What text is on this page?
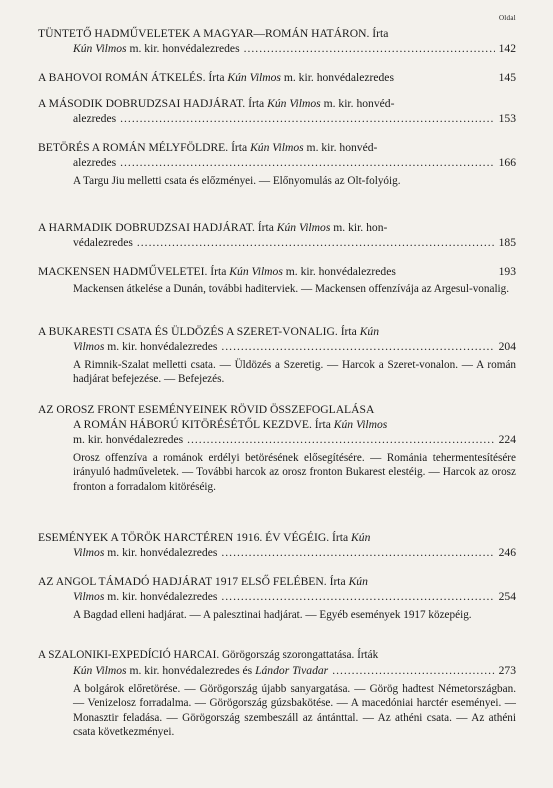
Oldal
TÜNTETŐ HADMŰVELETEK A MAGYAR—ROMÁN HATÁRON. Írta
Kún Vilmos
m. kir. honvédalezredes .....	142
A BAHOVOI ROMÁN ÁTKELÉS.
Írta
Kún Vilmos
m. kir. honvédalezredes	145
A MÁSODIK DOBRUDZSAI HADJÁRAT. Írta Kún Vilmos m. kir. honvéd-
alezredes .....	153
BETÖRÉS A ROMÁN MÉLYFÖLDRE. Írta Kún Vilmos m. kir. honvéd-
alezredes .....	166
A Targu Jiu melletti csata és előzményei. — Előnyomulás az Olt-folyóig.
A HARMADIK DOBRUDZSAI HADJÁRAT. Írta Kún Vilmos m. kir. hon-
védalezredes .....	185
MACKENSEN HADMŰVELETEI.
Írta
Kún Vilmos
m. kir. honvédalezredes	193
Mackensen átkelése a Dunán, további haditerviek. — Mackensen offenzívája az Argesul-vonalig.
A BUKARESTI CSATA ÉS ÜLDÖZÉS A SZERET-VONALIG. Írta Kún
Vilmos
m. kir. honvédalezredes .....	204
A Rimnik-Szalat melletti csata. — Üldözés a Szeretig. — Harcok a Szeret-vonalon. — A román hadjárat befejezése. — Befejezés.
AZ OROSZ FRONT ESEMÉNYEINEK RÖVID ÖSSZEFOGLALÁSA
A ROMÁN HÁBORÚ KITÖRÉSÉTŐL KEZDVE. Írta Kún Vilmos
m. kir. honvédalezredes .....	224
Orosz offenzíva a románok erdélyi betörésének elősegítésére. — Románia tehermentesítésére irányuló hadműveletek. — További harcok az orosz fronton Bukarest elestéig. — Harcok az orosz fronton a forradalom kitöréséig.
ESEMÉNYEK A TÖRÖK HARCTÉREN 1916. ÉV VÉGÉIG. Írta Kún
Vilmos
m. kir. honvédalezredes .....	246
AZ ANGOL TÁMADÓ HADJÁRAT 1917 ELSŐ FELÉBEN. Írta Kún
Vilmos
m. kir. honvédalezredes .....	254
A Bagdad elleni hadjárat. — A palesztinai hadjárat. — Egyéb események 1917 közepéig.
A SZALONIKI-EXPEDÍCIÓ HARCAI. Görögország szorongattatása. Írták
Kún Vilmos
m. kir. honvédalezredes és
Lándor Tivadar .....	273
A bolgárok előretörése. — Görögország újabb sanyargatása. — Görög hadtest Németországban. — Venizelosz forradalma. — Görögország gúzsbakötése. — A macedóniai harctér eseményei. — Monasztir feladása. — Görögország szembeszáll az ántánttal. — Az athéni csata. — Az athéni csata következményei.
